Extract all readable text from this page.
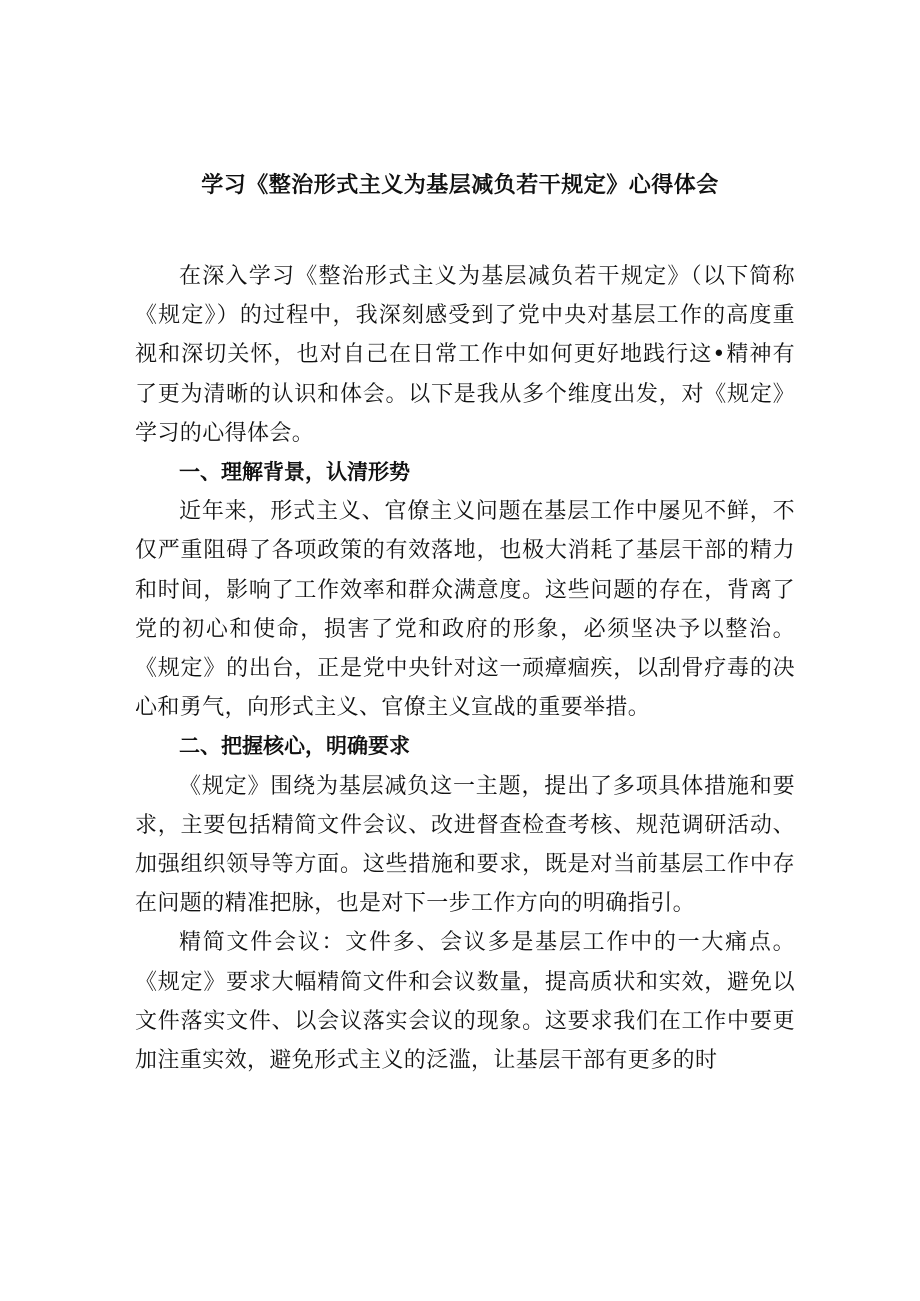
学习《整治形式主义为基层减负若干规定》心得体会

在深入学习《整治形式主义为基层减负若干规定》（以下简称《规定》）的过程中，我深刻感受到了党中央对基层工作的高度重视和深切关怀，也对自己在日常工作中如何更好地践行这•精神有了更为清晰的认识和体会。以下是我从多个维度出发，对《规定》学习的心得体会。

一、理解背景，认清形势

近年来，形式主义、官僚主义问题在基层工作中屡见不鲜，不仅严重阻碍了各项政策的有效落地，也极大消耗了基层干部的精力和时间，影响了工作效率和群众满意度。这些问题的存在，背离了党的初心和使命，损害了党和政府的形象，必须坚决予以整治。《规定》的出台，正是党中央针对这一顽瘴痼疾，以刮骨疗毒的决心和勇气，向形式主义、官僚主义宣战的重要举措。

二、把握核心，明确要求

《规定》围绕为基层减负这一主题，提出了多项具体措施和要求，主要包括精简文件会议、改进督查检查考核、规范调研活动、加强组织领导等方面。这些措施和要求，既是对当前基层工作中存在问题的精准把脉，也是对下一步工作方向的明确指引。

精简文件会议：文件多、会议多是基层工作中的一大痛点。《规定》要求大幅精简文件和会议数量，提高质状和实效，避免以文件落实文件、以会议落实会议的现象。这要求我们在工作中要更加注重实效，避免形式主义的泛滥，让基层干部有更多的时
